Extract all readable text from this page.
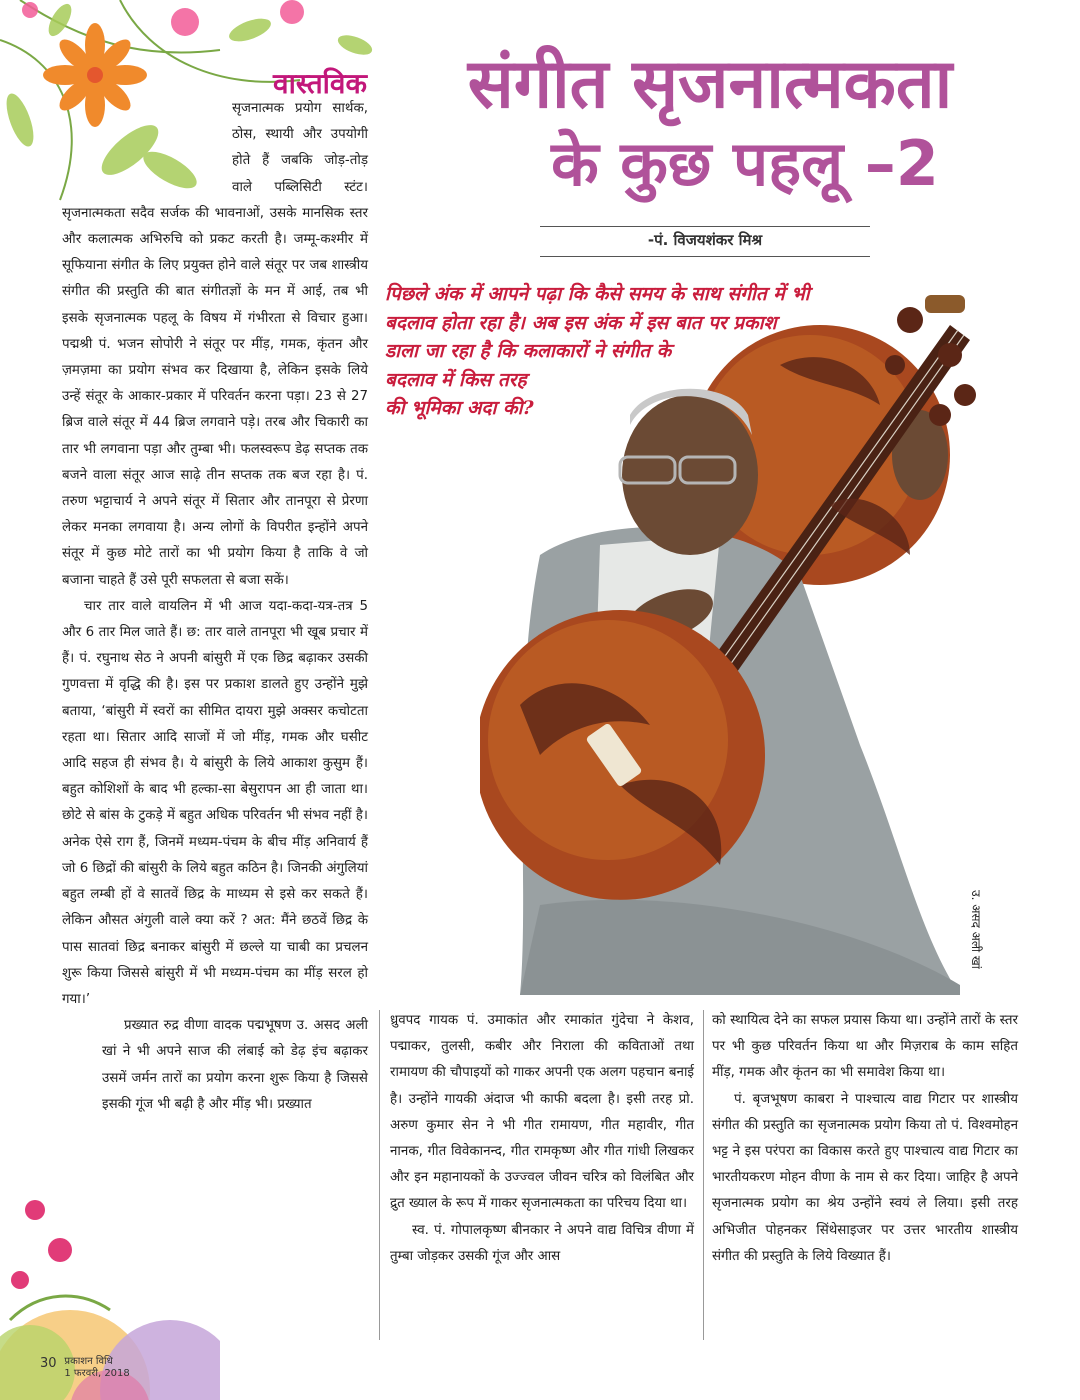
संगीत सृजनात्मकता
के कुछ पहलू –2
-पं. विजयशंकर मिश्र
पिछले अंक में आपने पढ़ा कि कैसे समय के साथ संगीत में भी
बदलाव होता रहा है। अब इस अंक में इस बात पर प्रकाश
डाला जा रहा है कि कलाकारों ने संगीत के
बदलाव में किस तरह
की भूमिका अदा की?
वास्तविक

सृजनात्मक प्रयोग सार्थक, ठोस, स्थायी और उपयोगी होते हैं जबकि जोड़-तोड़ वाले पब्लिसिटी स्टंट। सृजनात्मकता सदैव सर्जक की भावनाओं, उसके मानसिक स्तर और कलात्मक अभिरुचि को प्रकट करती है। जम्मू-कश्मीर में सूफियाना संगीत के लिए प्रयुक्त होने वाले संतूर पर जब शास्त्रीय संगीत की प्रस्तुति की बात संगीतज्ञों के मन में आई, तब भी इसके सृजनात्मक पहलू के विषय में गंभीरता से विचार हुआ। पद्मश्री पं. भजन सोपोरी ने संतूर पर मींड़, गमक, कृंतन और ज़मज़मा का प्रयोग संभव कर दिखाया है, लेकिन इसके लिये उन्हें संतूर के आकार-प्रकार में परिवर्तन करना पड़ा। 23 से 27 ब्रिज वाले संतूर में 44 ब्रिज लगवाने पड़े। तरब और चिकारी का तार भी लगवाना पड़ा और तुम्बा भी। फलस्वरूप डेढ़ सप्तक तक बजने वाला संतूर आज साढ़े तीन सप्तक तक बज रहा है। पं. तरुण भट्टाचार्य ने अपने संतूर में सितार और तानपूरा से प्रेरणा लेकर मनका लगवाया है। अन्य लोगों के विपरीत इन्होंने अपने संतूर में कुछ मोटे तारों का भी प्रयोग किया है ताकि वे जो बजाना चाहते हैं उसे पूरी सफलता से बजा सकें।

चार तार वाले वायलिन में भी आज यदा-कदा-यत्र-तत्र 5 और 6 तार मिल जाते हैं। छ: तार वाले तानपूरा भी खूब प्रचार में हैं। पं. रघुनाथ सेठ ने अपनी बांसुरी में एक छिद्र बढ़ाकर उसकी गुणवत्ता में वृद्धि की है। इस पर प्रकाश डालते हुए उन्होंने मुझे बताया, ‘बांसुरी में स्वरों का सीमित दायरा मुझे अक्सर कचोटता रहता था। सितार आदि साजों में जो मींड़, गमक और घसीट आदि सहज ही संभव है। ये बांसुरी के लिये आकाश कुसुम हैं। बहुत कोशिशों के बाद भी हल्का-सा बेसुरापन आ ही जाता था। छोटे से बांस के टुकड़े में बहुत अधिक परिवर्तन भी संभव नहीं है। अनेक ऐसे राग हैं, जिनमें मध्यम-पंचम के बीच मींड़ अनिवार्य हैं जो 6 छिद्रों की बांसुरी के लिये बहुत कठिन है। जिनकी अंगुलियां बहुत लम्बी हों वे सातवें छिद्र के माध्यम से इसे कर सकते हैं। लेकिन औसत अंगुली वाले क्या करें ? अत: मैंने छठवें छिद्र के पास सातवां छिद्र बनाकर बांसुरी में छल्ले या चाबी का प्रचलन शुरू किया जिससे बांसुरी में भी मध्यम-पंचम का मींड़ सरल हो गया।’

प्रख्यात रुद्र वीणा वादक पद्मभूषण उ. असद अली खां ने भी अपने साज की लंबाई को डेढ़ इंच बढ़ाकर उसमें जर्मन तारों का प्रयोग करना शुरू किया है जिससे इसकी गूंज भी बढ़ी है और मींड़ भी। प्रख्यात

ध्रुवपद गायक पं. उमाकांत और रमाकांत गुंदेचा ने केशव, पद्माकर, तुलसी, कबीर और निराला की कविताओं तथा रामायण की चौपाइयों को गाकर अपनी एक अलग पहचान बनाई है। उन्होंने गायकी अंदाज भी काफी बदला है। इसी तरह प्रो. अरुण कुमार सेन ने भी गीत रामायण, गीत महावीर, गीत नानक, गीत विवेकानन्द, गीत रामकृष्ण और गीत गांधी लिखकर और इन महानायकों के उज्ज्वल जीवन चरित्र को विलंबित और द्रुत ख्याल के रूप में गाकर सृजनात्मकता का परिचय दिया था।

स्व. पं. गोपालकृष्ण बीनकार ने अपने वाद्य विचित्र वीणा में तुम्बा जोड़कर उसकी गूंज और आस

को स्थायित्व देने का सफल प्रयास किया था। उन्होंने तारों के स्तर पर भी कुछ परिवर्तन किया था और मिज़राब के काम सहित मींड़, गमक और कृंतन का भी समावेश किया था।

पं. बृजभूषण काबरा ने पाश्चात्य वाद्य गिटार पर शास्त्रीय संगीत की प्रस्तुति का सृजनात्मक प्रयोग किया तो पं. विश्वमोहन भट्ट ने इस परंपरा का विकास करते हुए पाश्चात्य वाद्य गिटार का भारतीयकरण मोहन वीणा के नाम से कर दिया। जाहिर है अपने सृजनात्मक प्रयोग का श्रेय उन्होंने स्वयं ले लिया। इसी तरह अभिजीत पोहनकर सिंथेसाइजर पर उत्तर भारतीय शास्त्रीय संगीत की प्रस्तुति के लिये विख्यात हैं।

उ. असद अली खां
30 प्रकाशन ​विधि
1 फरवरी, 2018
